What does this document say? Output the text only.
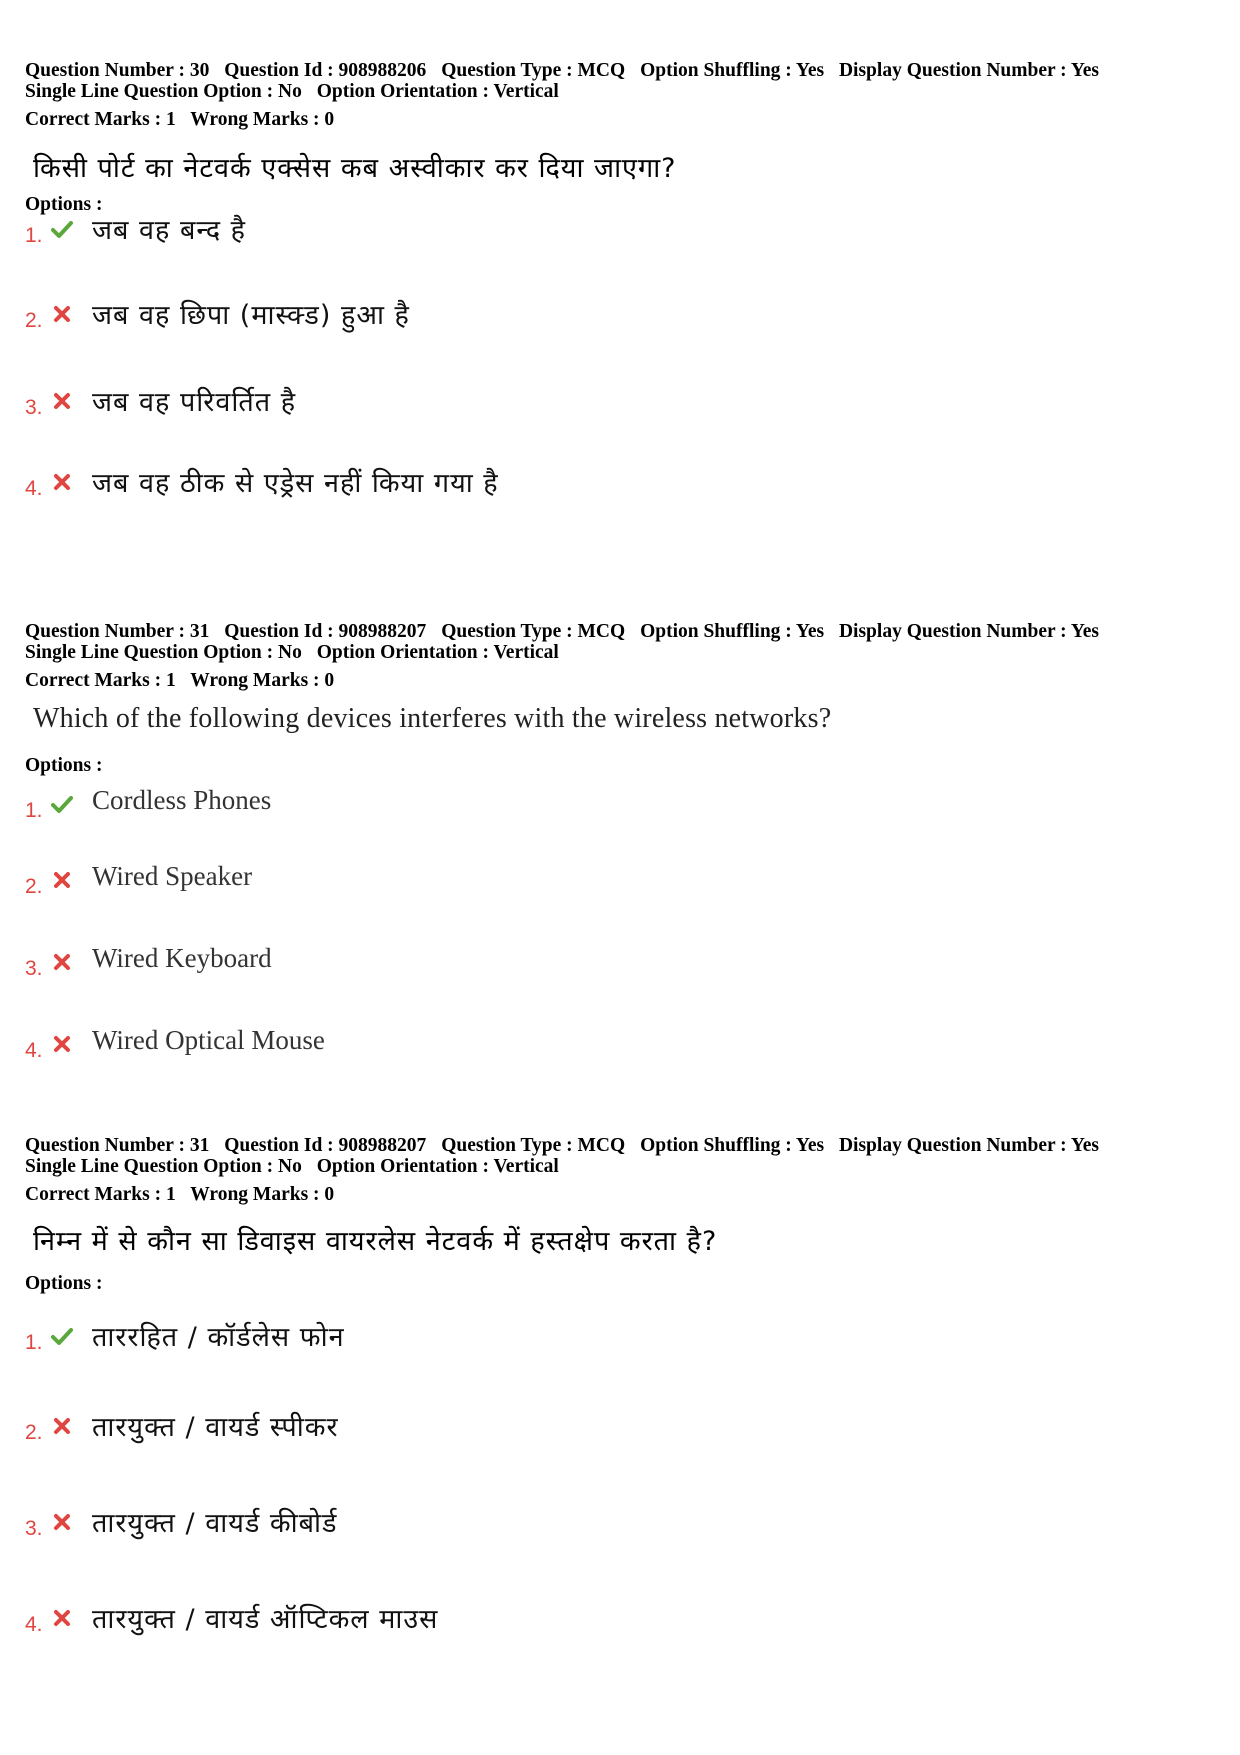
Question Number : 30 Question Id : 908988206 Question Type : MCQ Option Shuffling : Yes Display Question Number : Yes
Single Line Question Option : No Option Orientation : Vertical
Correct Marks : 1 Wrong Marks : 0
किसी पोर्ट का नेटवर्क एक्सेस कब अस्वीकार कर दिया जाएगा?
Options :
1. जब वह बन्द है
2. जब वह छिपा (मास्क्ड) हुआ है
3. जब वह परिवर्तित है
4. जब वह ठीक से एड्रेस नहीं किया गया है
Question Number : 31 Question Id : 908988207 Question Type : MCQ Option Shuffling : Yes Display Question Number : Yes
Single Line Question Option : No Option Orientation : Vertical
Correct Marks : 1 Wrong Marks : 0
Which of the following devices interferes with the wireless networks?
Options :
1. Cordless Phones
2. Wired Speaker
3. Wired Keyboard
4. Wired Optical Mouse
Question Number : 31 Question Id : 908988207 Question Type : MCQ Option Shuffling : Yes Display Question Number : Yes
Single Line Question Option : No Option Orientation : Vertical
Correct Marks : 1 Wrong Marks : 0
निम्न में से कौन सा डिवाइस वायरलेस नेटवर्क में हस्तक्षेप करता है?
Options :
1. ताररहित / कॉर्डलेस फोन
2. तारयुक्त / वायर्ड स्पीकर
3. तारयुक्त / वायर्ड कीबोर्ड
4. तारयुक्त / वायर्ड ऑप्टिकल माउस
